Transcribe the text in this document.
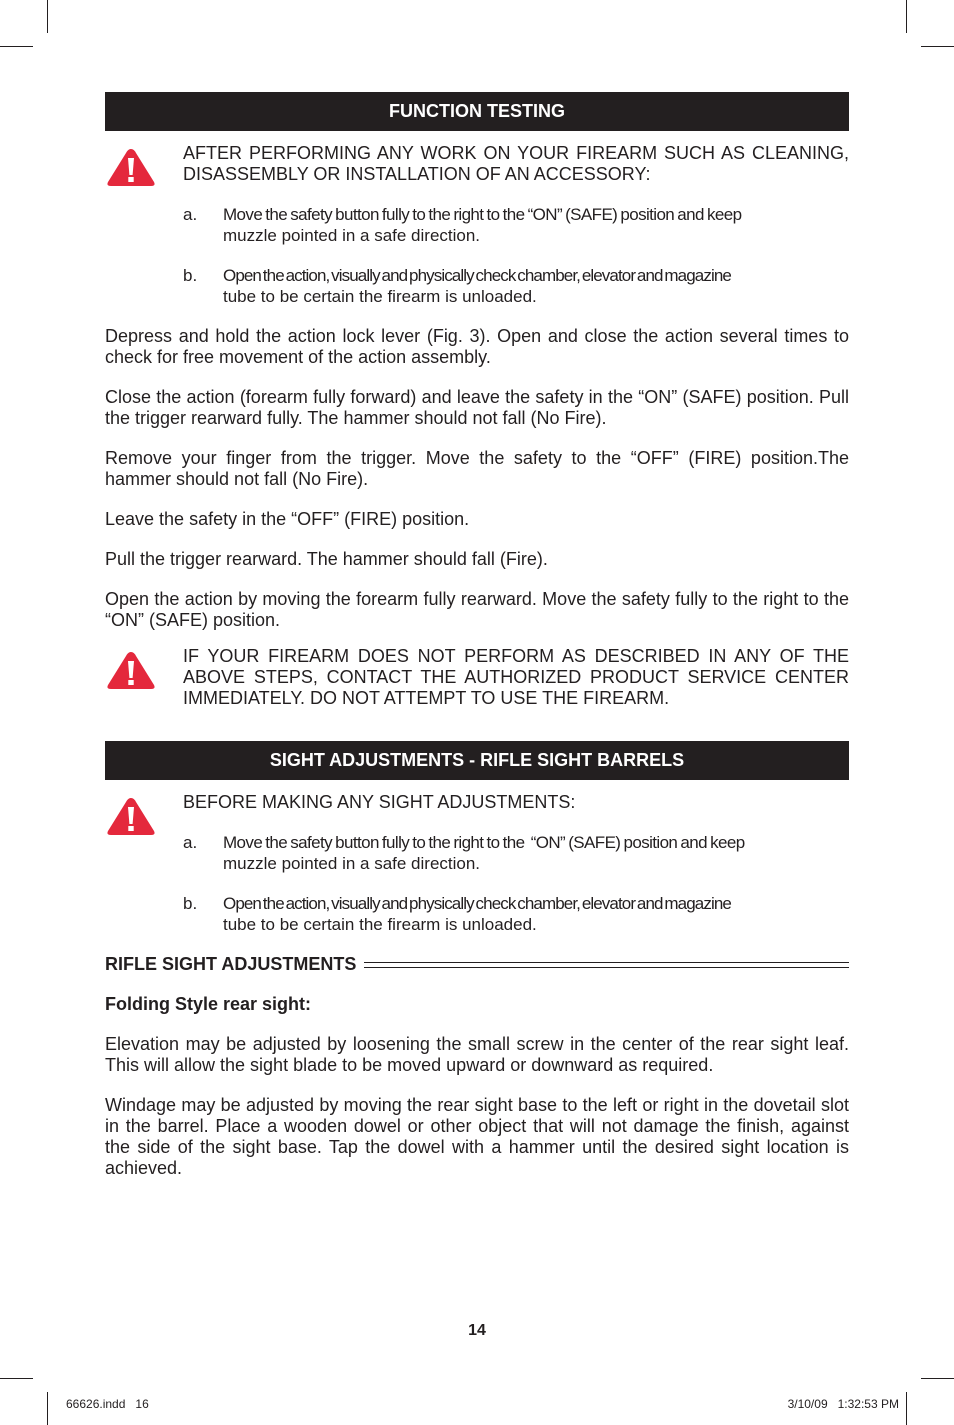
FUNCTION TESTING
AFTER PERFORMING ANY WORK ON YOUR FIREARM SUCH AS CLEANING, DISASSEMBLY OR INSTALLATION OF AN ACCESSORY:
a. Move the safety button fully to the right to the “ON” (SAFE) position and keep
muzzle pointed in a safe direction.
b. Open the action, visually and physically check chamber, elevator and magazine
tube to be certain the firearm is unloaded.

Depress and hold the action lock lever (Fig. 3). Open and close the action several times to check for free movement of the action assembly.

Close the action (forearm fully forward) and leave the safety in the “ON” (SAFE) position. Pull the trigger rearward fully. The hammer should not fall (No Fire).

Remove your finger from the trigger. Move the safety to the “OFF” (FIRE) position.The hammer should not fall (No Fire).

Leave the safety in the “OFF” (FIRE) position.

Pull the trigger rearward. The hammer should fall (Fire).

Open the action by moving the forearm fully rearward. Move the safety fully to the right to the “ON” (SAFE) position.

IF YOUR FIREARM DOES NOT PERFORM AS DESCRIBED IN ANY OF THE ABOVE STEPS, CONTACT THE AUTHORIZED PRODUCT SERVICE CENTER IMMEDIATELY. DO NOT ATTEMPT TO USE THE FIREARM.
SIGHT ADJUSTMENTS - RIFLE SIGHT BARRELS
BEFORE MAKING ANY SIGHT ADJUSTMENTS:
a. Move the safety button fully to the right to the  “ON” (SAFE) position and keep
muzzle pointed in a safe direction.
b. Open the action, visually and physically check chamber, elevator and magazine
tube to be certain the firearm is unloaded.
RIFLE SIGHT ADJUSTMENTS

Folding Style rear sight:

Elevation may be adjusted by loosening the small screw in the center of the rear sight leaf. This will allow the sight blade to be moved upward or downward as required.

Windage may be adjusted by moving the rear sight base to the left or right in the dovetail slot in the barrel. Place a wooden dowel or other object that will not damage the finish, against the side of the sight base. Tap the dowel with a hammer until the desired sight location is achieved.

14
66626.indd   16	3/10/09   1:32:53 PM
